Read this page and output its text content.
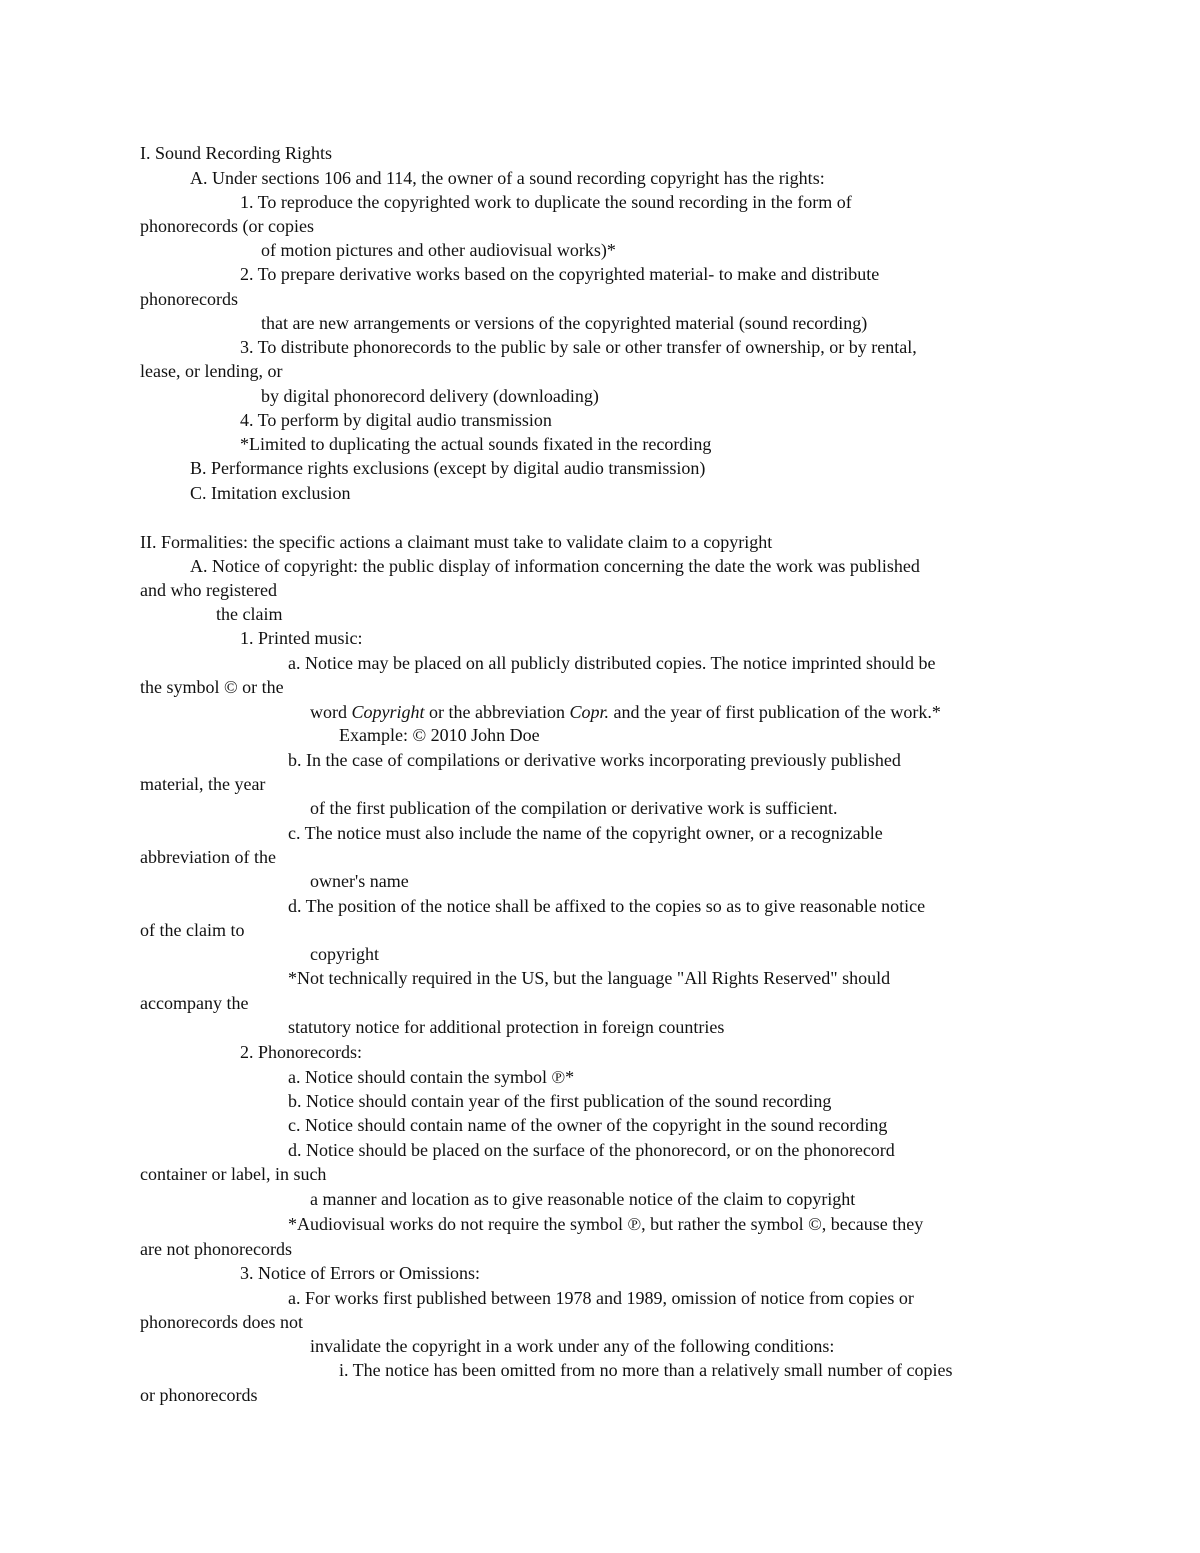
I. Sound Recording Rights
A. Under sections 106 and 114, the owner of a sound recording copyright has the rights:
1. To reproduce the copyrighted work to duplicate the sound recording in the form of
phonorecords (or copies
of motion pictures and other audiovisual works)*
2. To prepare derivative works based on the copyrighted material- to make and distribute
phonorecords
that are new arrangements or versions of the copyrighted material (sound recording)
3. To distribute phonorecords to the public by sale or other transfer of ownership, or by rental,
lease, or lending, or
by digital phonorecord delivery (downloading)
4. To perform by digital audio transmission
*Limited to duplicating the actual sounds fixated in the recording
B. Performance rights exclusions (except by digital audio transmission)
C. Imitation exclusion
II. Formalities: the specific actions a claimant must take to validate claim to a copyright
A. Notice of copyright: the public display of information concerning the date the work was published
and who registered
the claim
1. Printed music:
a. Notice may be placed on all publicly distributed copies. The notice imprinted should be
the symbol © or the
word Copyright or the abbreviation Copr. and the year of first publication of the work.*
Example: © 2010 John Doe
b. In the case of compilations or derivative works incorporating previously published
material, the year
of the first publication of the compilation or derivative work is sufficient.
c. The notice must also include the name of the copyright owner, or a recognizable
abbreviation of the
owner's name
d. The position of the notice shall be affixed to the copies so as to give reasonable notice
of the claim to
copyright
*Not technically required in the US, but the language "All Rights Reserved" should
accompany the
statutory notice for additional protection in foreign countries
2. Phonorecords:
a. Notice should contain the symbol ℗*
b. Notice should contain year of the first publication of the sound recording
c. Notice should contain name of the owner of the copyright in the sound recording
d. Notice should be placed on the surface of the phonorecord, or on the phonorecord
container or label, in such
a manner and location as to give reasonable notice of the claim to copyright
*Audiovisual works do not require the symbol ℗, but rather the symbol ©, because they
are not phonorecords
3. Notice of Errors or Omissions:
a. For works first published between 1978 and 1989, omission of notice from copies or
phonorecords does not
invalidate the copyright in a work under any of the following conditions:
i. The notice has been omitted from no more than a relatively small number of copies
or phonorecords
